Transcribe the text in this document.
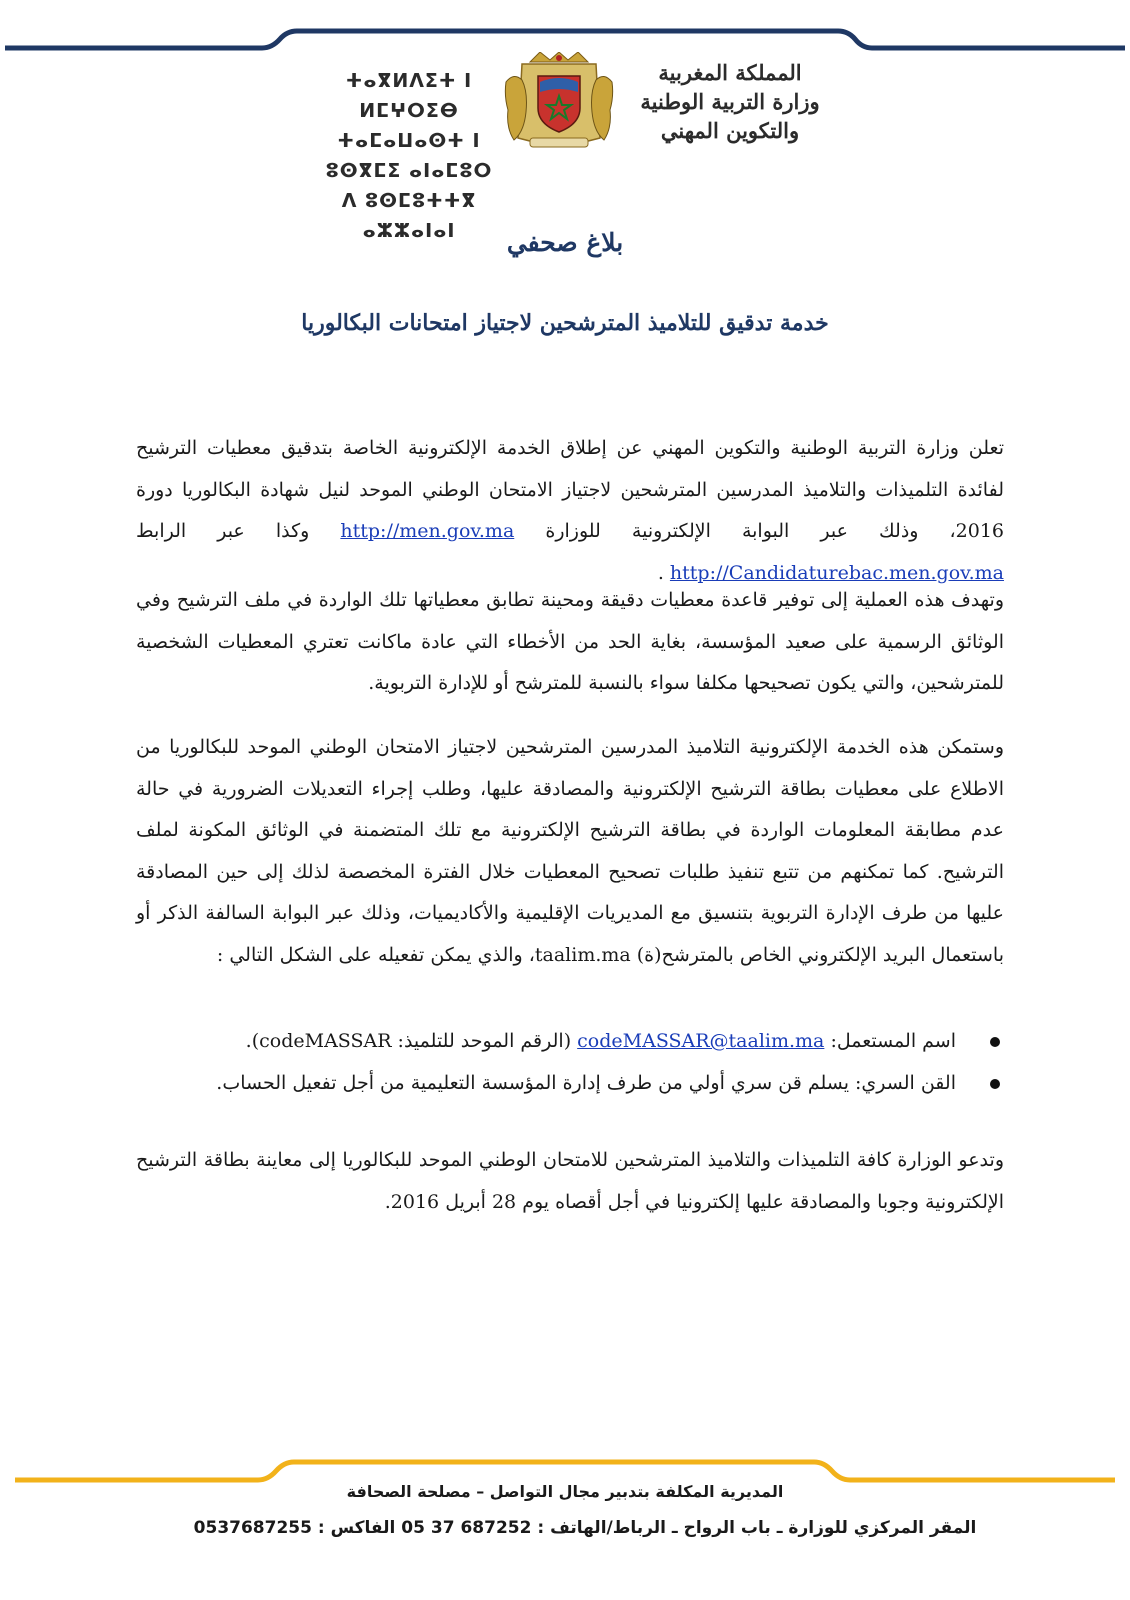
ⵜⴰⴳⵍⴷⵉⵜ ⵏ ⵍⵎⵖⵔⵉⴱ
ⵜⴰⵎⴰⵡⴰⵙⵜ ⵏ ⵓⵙⴳⵎⵉ ⴰⵏⴰⵎⵓⵔ
ⴷ ⵓⵙⵎⵓⵜⵜⴳ ⴰⵣⵣⴰⵏⴰⵏ
المملكة المغربية
وزارة التربية الوطنية
والتكوين المهني
بلاغ صحفي
خدمة تدقيق للتلاميذ المترشحين لاجتياز امتحانات البكالوريا
تعلن وزارة التربية الوطنية والتكوين المهني عن إطلاق الخدمة الإلكترونية الخاصة بتدقيق معطيات الترشيح لفائدة التلميذات والتلاميذ المدرسين المترشحين لاجتياز الامتحان الوطني الموحد لنيل شهادة البكالوريا دورة 2016، وذلك عبر البوابة الإلكترونية للوزارة http://men.gov.ma وكذا عبر الرابط http://Candidaturebac.men.gov.ma .
وتهدف هذه العملية إلى توفير قاعدة معطيات دقيقة ومحينة تطابق معطياتها تلك الواردة في ملف الترشيح وفي الوثائق الرسمية على صعيد المؤسسة، بغاية الحد من الأخطاء التي عادة ماكانت تعتري المعطيات الشخصية للمترشحين، والتي يكون تصحيحها مكلفا سواء بالنسبة للمترشح أو للإدارة التربوية.
وستمكن هذه الخدمة الإلكترونية التلاميذ المدرسين المترشحين لاجتياز الامتحان الوطني الموحد للبكالوريا من الاطلاع على معطيات بطاقة الترشيح الإلكترونية والمصادقة عليها، وطلب إجراء التعديلات الضرورية في حالة عدم مطابقة المعلومات الواردة في بطاقة الترشيح الإلكترونية مع تلك المتضمنة في الوثائق المكونة لملف الترشيح. كما تمكنهم من تتبع تنفيذ طلبات تصحيح المعطيات خلال الفترة المخصصة لذلك إلى حين المصادقة عليها من طرف الإدارة التربوية بتنسيق مع المديريات الإقليمية والأكاديميات، وذلك عبر البوابة السالفة الذكر أو باستعمال البريد الإلكتروني الخاص بالمترشح(ة) taalim.ma، والذي يمكن تفعيله على الشكل التالي :
اسم المستعمل: codeMASSAR@taalim.ma (الرقم الموحد للتلميذ: codeMASSAR).
القن السري: يسلم قن سري أولي من طرف إدارة المؤسسة التعليمية من أجل تفعيل الحساب.
وتدعو الوزارة كافة التلميذات والتلاميذ المترشحين للامتحان الوطني الموحد للبكالوريا إلى معاينة بطاقة الترشيح الإلكترونية وجوبا والمصادقة عليها إلكترونيا في أجل أقصاه يوم 28 أبريل 2016.
المديرية المكلفة بتدبير مجال التواصل – مصلحة الصحافة
المقر المركزي للوزارة ـ باب الرواح ـ الرباط/الهاتف : 687252 37 05 الفاكس : 0537687255
